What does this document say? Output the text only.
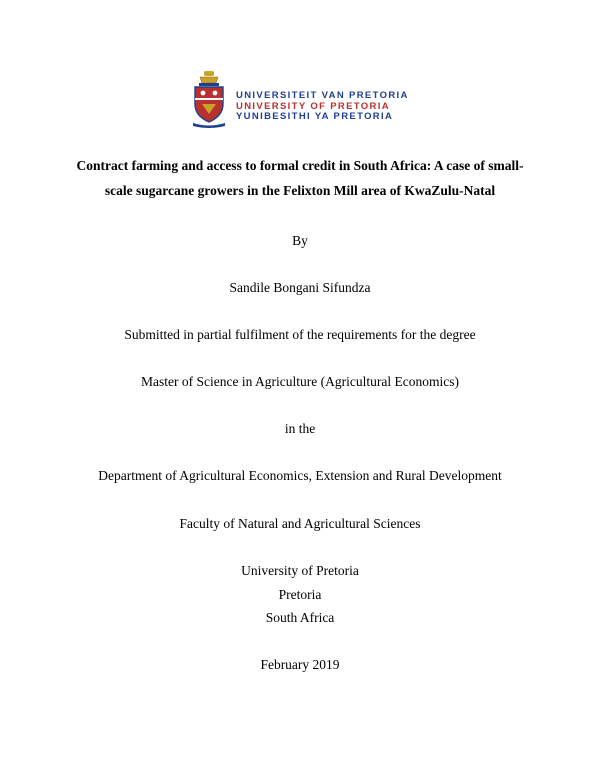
UNIVERSITEIT VAN PRETORIA
UNIVERSITY OF PRETORIA
YUNIBESITHI YA PRETORIA
Contract farming and access to formal credit in South Africa: A case of small-
scale sugarcane growers in the Felixton Mill area of KwaZulu-Natal
By
Sandile Bongani Sifundza
Submitted in partial fulfilment of the requirements for the degree
Master of Science in Agriculture (Agricultural Economics)
in the
Department of Agricultural Economics, Extension and Rural Development
Faculty of Natural and Agricultural Sciences
University of Pretoria
Pretoria
South Africa
February 2019
